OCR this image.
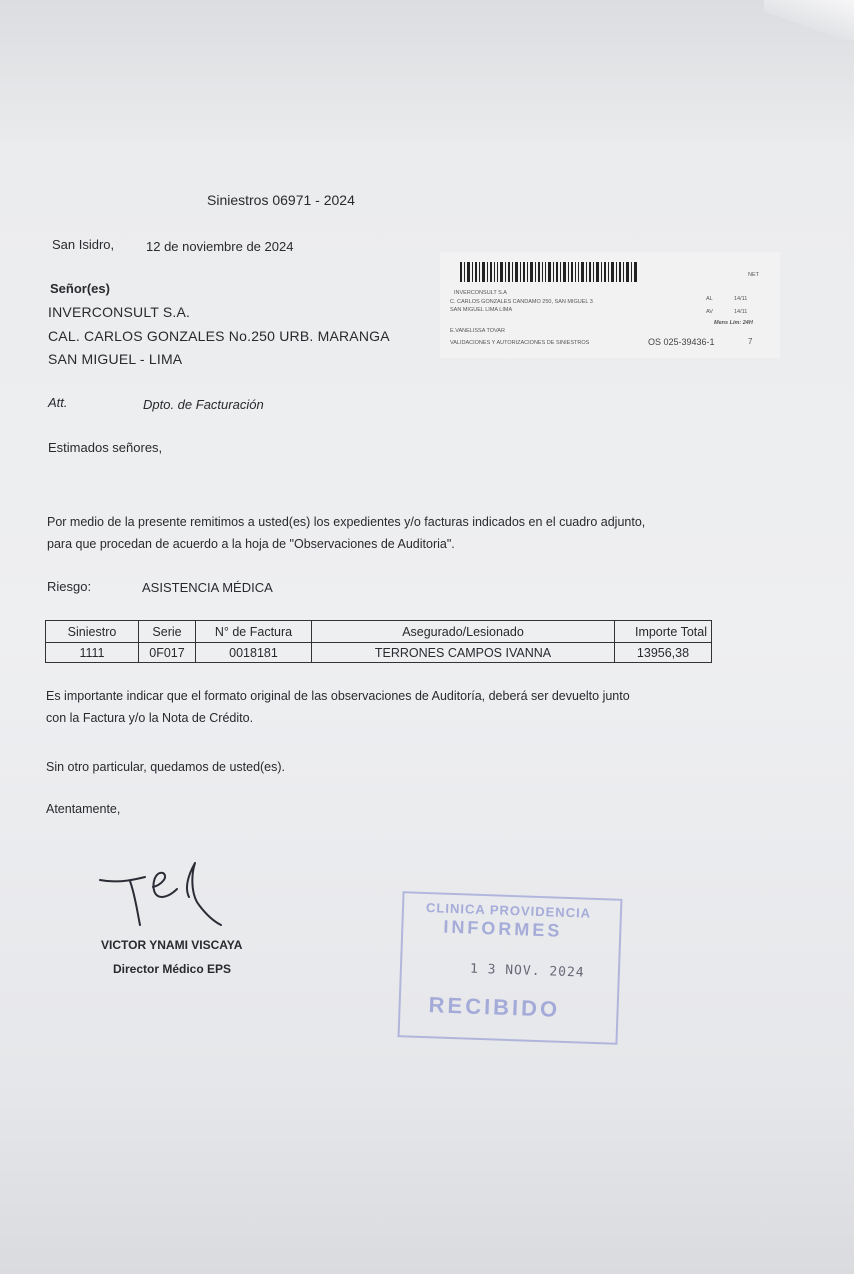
Siniestros 06971 - 2024
San Isidro, 12 de noviembre de 2024
Señor(es)
INVERCONSULT S.A.
CAL. CARLOS GONZALES No.250 URB. MARANGA
SAN MIGUEL - LIMA
INVERCONSULT S.A
C. CARLOS GONZALES CANDAMO 250, SAN MIGUEL 3
SAN MIGUEL LIMA LIMA
E.VANELISSA TOVAR
VALIDACIONES Y AUTORIZACIONES DE SINIESTROS	OS 025-39436-1
NET
AL	14/11
AV	14/11
Mens Lim: 24H
7
Att.	Dpto. de Facturación
Estimados señores,
Por medio de la presente remitimos a usted(es) los expedientes y/o facturas indicados en el cuadro adjunto,
para que procedan de acuerdo a la hoja de "Observaciones de Auditoria".
Riesgo:	ASISTENCIA MÉDICA
Siniestro	Serie	N° de Factura	Asegurado/Lesionado	Importe Total
1111	0F017	0018181	TERRONES CAMPOS IVANNA	13956,38
Es importante indicar que el formato original de las observaciones de Auditoría, deberá ser devuelto junto
con la Factura y/o la Nota de Crédito.
Sin otro particular, quedamos de usted(es).
Atentamente,
VICTOR YNAMI VISCAYA
Director Médico EPS
CLINICA PROVIDENCIA
INFORMES
1 3 NOV. 2024
RECIBIDO
